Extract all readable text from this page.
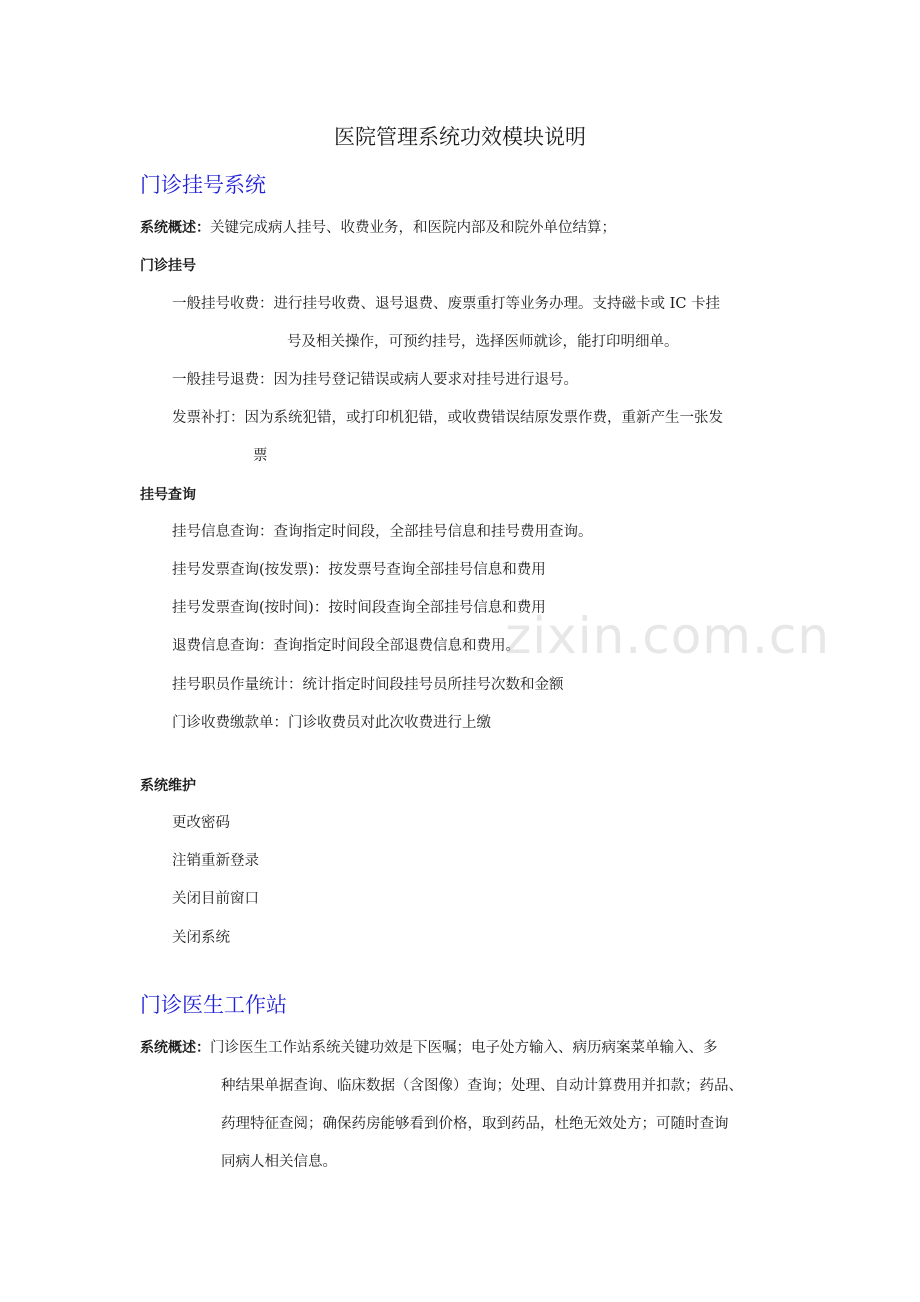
医院管理系统功效模块说明
门诊挂号系统
系统概述：关键完成病人挂号、收费业务，和医院内部及和院外单位结算；
门诊挂号
一般挂号收费：进行挂号收费、退号退费、废票重打等业务办理。支持磁卡或 IC 卡挂
号及相关操作，可预约挂号，选择医师就诊，能打印明细单。
一般挂号退费：因为挂号登记错误或病人要求对挂号进行退号。
发票补打：因为系统犯错，或打印机犯错，或收费错误结原发票作费，重新产生一张发
票
挂号查询
挂号信息查询：查询指定时间段，全部挂号信息和挂号费用查询。
挂号发票查询(按发票)：按发票号查询全部挂号信息和费用
挂号发票查询(按时间)：按时间段查询全部挂号信息和费用
退费信息查询：查询指定时间段全部退费信息和费用。
挂号职员作量统计：统计指定时间段挂号员所挂号次数和金额
门诊收费缴款单：门诊收费员对此次收费进行上缴
系统维护
更改密码
注销重新登录
关闭目前窗口
关闭系统
门诊医生工作站
系统概述：门诊医生工作站系统关键功效是下医嘱；电子处方输入、病历病案菜单输入、多
种结果单据查询、临床数据（含图像）查询；处理、自动计算费用并扣款；药品、
药理特征查阅；确保药房能够看到价格，取到药品，杜绝无效处方；可随时查询
同病人相关信息。
zixin.com.cn
